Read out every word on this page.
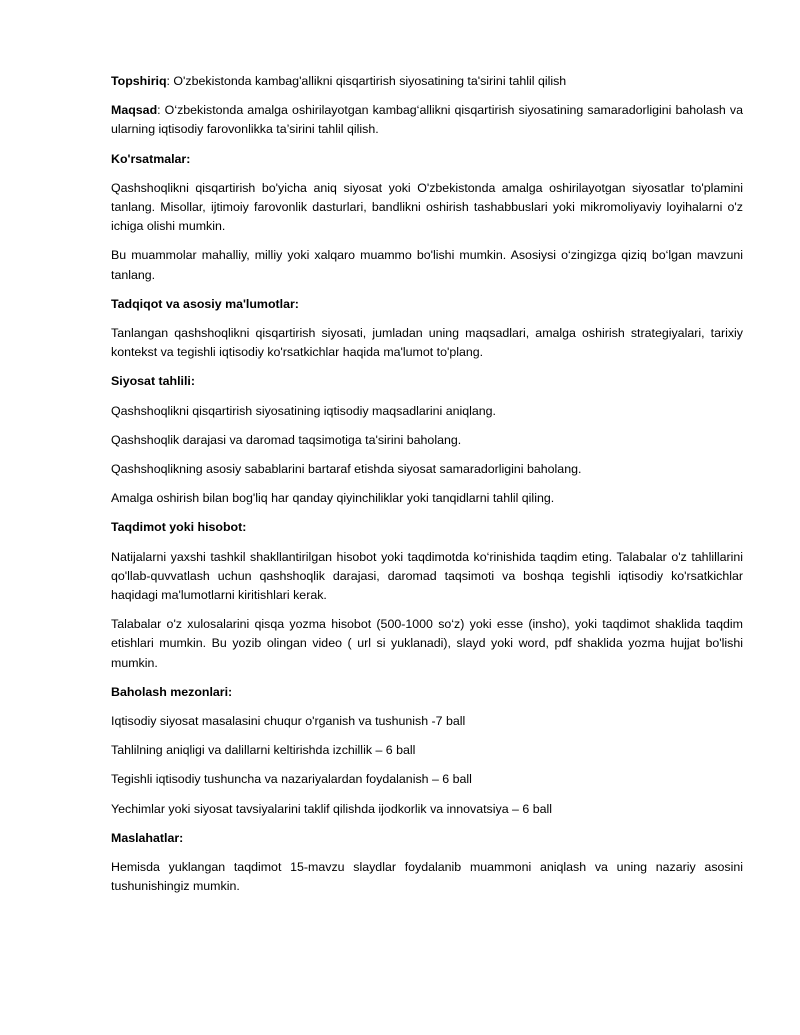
Topshiriq: O'zbekistonda kambag'allikni qisqartirish siyosatining ta'sirini tahlil qilish

Maqsad: O‘zbekistonda amalga oshirilayotgan kambag‘allikni qisqartirish siyosatining samaradorligini baholash va ularning iqtisodiy farovonlikka ta’sirini tahlil qilish.

Ko'rsatmalar:

Qashshoqlikni qisqartirish bo'yicha aniq siyosat yoki O'zbekistonda amalga oshirilayotgan siyosatlar to'plamini tanlang. Misollar, ijtimoiy farovonlik dasturlari, bandlikni oshirish tashabbuslari yoki mikromoliyaviy loyihalarni o'z ichiga olishi mumkin.

Bu muammolar mahalliy, milliy yoki xalqaro muammo bo'lishi mumkin. Asosiysi o‘zingizga qiziq bo‘lgan mavzuni tanlang.

Tadqiqot va asosiy ma'lumotlar:

Tanlangan qashshoqlikni qisqartirish siyosati, jumladan uning maqsadlari, amalga oshirish strategiyalari, tarixiy kontekst va tegishli iqtisodiy ko'rsatkichlar haqida ma'lumot to'plang.

Siyosat tahlili:

Qashshoqlikni qisqartirish siyosatining iqtisodiy maqsadlarini aniqlang.

Qashshoqlik darajasi va daromad taqsimotiga ta'sirini baholang.

Qashshoqlikning asosiy sabablarini bartaraf etishda siyosat samaradorligini baholang.

Amalga oshirish bilan bog'liq har qanday qiyinchiliklar yoki tanqidlarni tahlil qiling.

Taqdimot yoki hisobot:

Natijalarni yaxshi tashkil shakllantirilgan hisobot yoki taqdimotda ko‘rinishida taqdim eting. Talabalar o'z tahlillarini qo'llab-quvvatlash uchun qashshoqlik darajasi, daromad taqsimoti va boshqa tegishli iqtisodiy ko'rsatkichlar haqidagi ma'lumotlarni kiritishlari kerak.

Talabalar o'z xulosalarini qisqa yozma hisobot (500-1000 so‘z) yoki esse (insho), yoki taqdimot shaklida taqdim etishlari mumkin. Bu yozib olingan video ( url si yuklanadi), slayd yoki word, pdf shaklida yozma hujjat bo'lishi mumkin.

Baholash mezonlari:

Iqtisodiy siyosat masalasini chuqur o'rganish va tushunish -7 ball

Tahlilning aniqligi va dalillarni keltirishda izchillik – 6 ball

Tegishli iqtisodiy tushuncha va nazariyalardan foydalanish – 6 ball

Yechimlar yoki siyosat tavsiyalarini taklif qilishda ijodkorlik va innovatsiya – 6 ball

Maslahatlar:

Hemisda yuklangan taqdimot 15-mavzu slaydlar foydalanib muammoni aniqlash va uning nazariy asosini tushunishingiz mumkin.
